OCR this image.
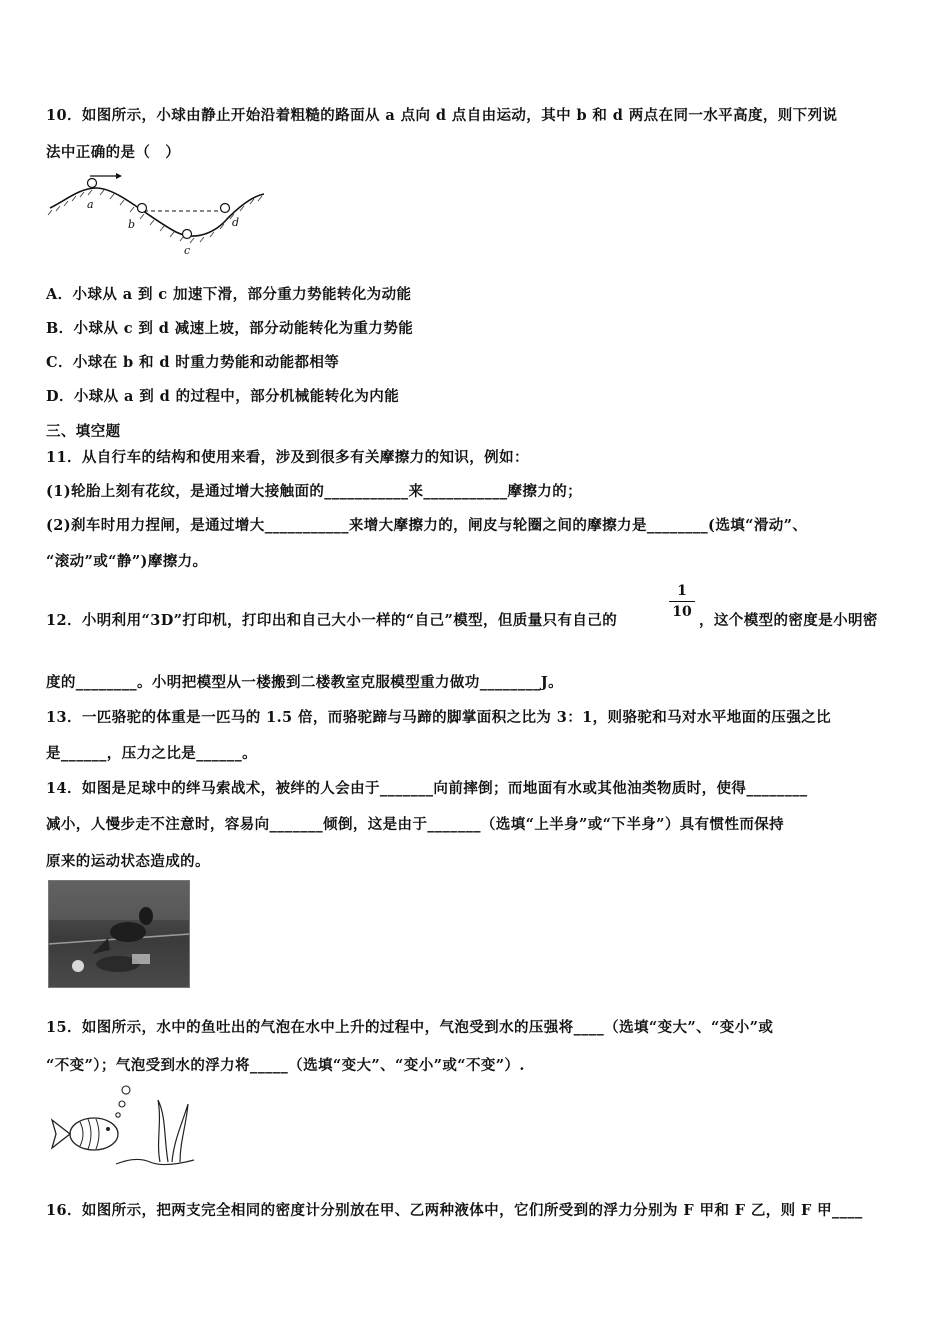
10．如图所示，小球由静止开始沿着粗糙的路面从 a 点向 d 点自由运动，其中 b 和 d 两点在同一水平高度，则下列说
法中正确的是（　）
a
b
c
d
A．小球从 a 到 c 加速下滑，部分重力势能转化为动能
B．小球从 c 到 d 减速上坡，部分动能转化为重力势能
C．小球在 b 和 d 时重力势能和动能都相等
D．小球从 a 到 d 的过程中，部分机械能转化为内能
三、填空题
11．从自行车的结构和使用来看，涉及到很多有关摩擦力的知识，例如：
(1)轮胎上刻有花纹，是通过增大接触面的___________来___________摩擦力的；
(2)刹车时用力捏闸，是通过增大___________来增大摩擦力的，闸皮与轮圈之间的摩擦力是________(选填“滑动”、
“滚动”或“静”)摩擦力。
12．小明利用“3D”打印机，打印出和自己大小一样的“自己”模型，但质量只有自己的
1
10 ，这个模型的密度是小明密
度的________。小明把模型从一楼搬到二楼教室克服模型重力做功________J。
13．一匹骆驼的体重是一匹马的 1.5 倍，而骆驼蹄与马蹄的脚掌面积之比为 3：1，则骆驼和马对水平地面的压强之比
是______，压力之比是______。
14．如图是足球中的绊马索战术，被绊的人会由于_______向前摔倒；而地面有水或其他油类物质时，使得________
减小，人慢步走不注意时，容易向_______倾倒，这是由于_______（选填“上半身”或“下半身”）具有惯性而保持
原来的运动状态造成的。
15．如图所示，水中的鱼吐出的气泡在水中上升的过程中，气泡受到水的压强将____（选填“变大”、“变小”或
“不变”）；气泡受到水的浮力将_____（选填“变大”、“变小”或“不变”）.
16．如图所示，把两支完全相同的密度计分别放在甲、乙两种液体中，它们所受到的浮力分别为 F 甲和 F 乙，则 F 甲____
